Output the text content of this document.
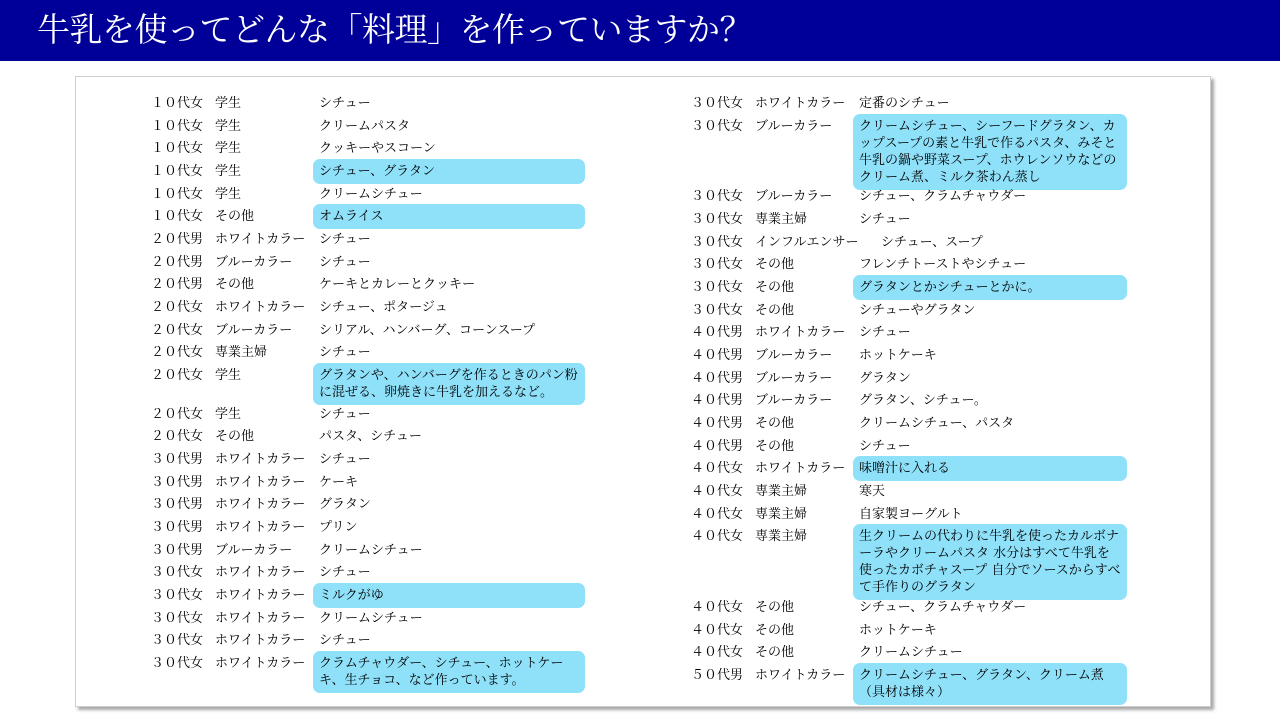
牛乳を使ってどんな「料理」を作っていますか？
１０代女 学生	シチュー
１０代女 学生	クリームパスタ
１０代女 学生	クッキーやスコーン
１０代女 学生	シチュー、グラタン
１０代女 学生	クリームシチュー
１０代女 その他	オムライス
２０代男 ホワイトカラー シチュー
２０代男 ブルーカラー シチュー
２０代男 その他	ケーキとカレーとクッキー
２０代女 ホワイトカラー シチュー、ポタージュ
２０代女 ブルーカラー シリアル、ハンバーグ、コーンスープ
２０代女 専業主婦	シチュー
２０代女 学生	グラタンや、ハンバーグを作るときのパン粉に混ぜる、卵焼きに牛乳を加えるなど。
２０代女 学生	シチュー
２０代女 その他	パスタ、シチュー
３０代男 ホワイトカラー シチュー
３０代男 ホワイトカラー ケーキ
３０代男 ホワイトカラー グラタン
３０代男 ホワイトカラー プリン
３０代男 ブルーカラー クリームシチュー
３０代女 ホワイトカラー シチュー
３０代女 ホワイトカラー ミルクがゆ
３０代女 ホワイトカラー クリームシチュー
３０代女 ホワイトカラー シチュー
３０代女 ホワイトカラー クラムチャウダー、シチュー、ホットケーキ、生チョコ、など作っています。
３０代女 ホワイトカラー 定番のシチュー
３０代女 ブルーカラー クリームシチュー、シーフードグラタン、カップスープの素と牛乳で作るパスタ、みそと牛乳の鍋や野菜スープ、ホウレンソウなどのクリーム煮、ミルク茶わん蒸し
３０代女 ブルーカラー シチュー、クラムチャウダー
３０代女 専業主婦	シチュー
３０代女 インフルエンサー シチュー、スープ
３０代女 その他	フレンチトーストやシチュー
３０代女 その他	グラタンとかシチューとかに。
３０代女 その他	シチューやグラタン
４０代男 ホワイトカラー シチュー
４０代男 ブルーカラー ホットケーキ
４０代男 ブルーカラー グラタン
４０代男 ブルーカラー グラタン、シチュー。
４０代男 その他	クリームシチュー、パスタ
４０代男 その他	シチュー
４０代女 ホワイトカラー 味噌汁に入れる
４０代女 専業主婦	寒天
４０代女 専業主婦	自家製ヨーグルト
４０代女 専業主婦	生クリームの代わりに牛乳を使ったカルボナーラやクリームパスタ 水分はすべて牛乳を使ったカボチャスープ 自分でソースからすべて手作りのグラタン
４０代女 その他	シチュー、クラムチャウダー
４０代女 その他	ホットケーキ
４０代女 その他	クリームシチュー
５０代男 ホワイトカラー クリームシチュー、グラタン、クリーム煮（具材は様々）
